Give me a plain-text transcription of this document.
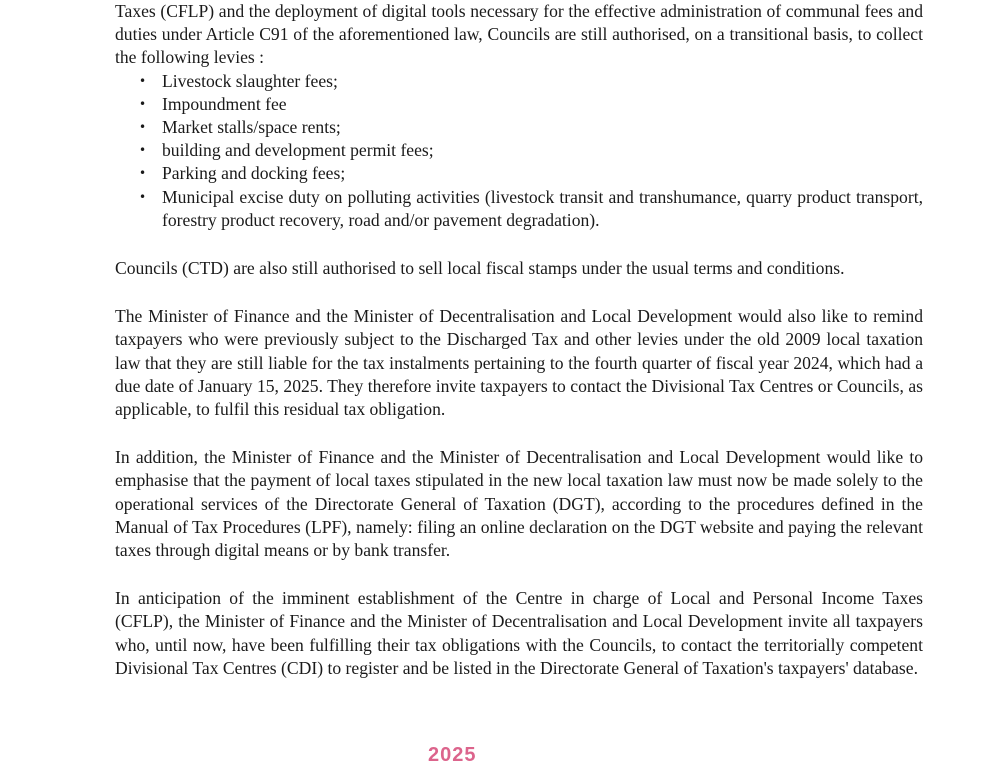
Taxes (CFLP) and the deployment of digital tools necessary for the effective administration of communal fees and duties under Article C91 of the aforementioned law, Councils are still authorised, on a transitional basis, to collect the following levies :

• Livestock slaughter fees;
• Impoundment fee
• Market stalls/space rents;
• building and development permit fees;
• Parking and docking fees;
• Municipal excise duty on polluting activities (livestock transit and transhumance, quarry product transport, forestry product recovery, road and/or pavement degradation).

Councils (CTD) are also still authorised to sell local fiscal stamps under the usual terms and conditions.

The Minister of Finance and the Minister of Decentralisation and Local Development would also like to remind taxpayers who were previously subject to the Discharged Tax and other levies under the old 2009 local taxation law that they are still liable for the tax instalments pertaining to the fourth quarter of fiscal year 2024, which had a due date of January 15, 2025. They therefore invite taxpayers to contact the Divisional Tax Centres or Councils, as applicable, to fulfil this residual tax obligation.

In addition, the Minister of Finance and the Minister of Decentralisation and Local Development would like to emphasise that the payment of local taxes stipulated in the new local taxation law must now be made solely to the operational services of the Directorate General of Taxation (DGT), according to the procedures defined in the Manual of Tax Procedures (LPF), namely: filing an online declaration on the DGT website and paying the relevant taxes through digital means or by bank transfer.

In anticipation of the imminent establishment of the Centre in charge of Local and Personal Income Taxes (CFLP), the Minister of Finance and the Minister of Decentralisation and Local Development invite all taxpayers who, until now, have been fulfilling their tax obligations with the Councils, to contact the territorially competent Divisional Tax Centres (CDI) to register and be listed in the Directorate General of Taxation's taxpayers' database.

2025
